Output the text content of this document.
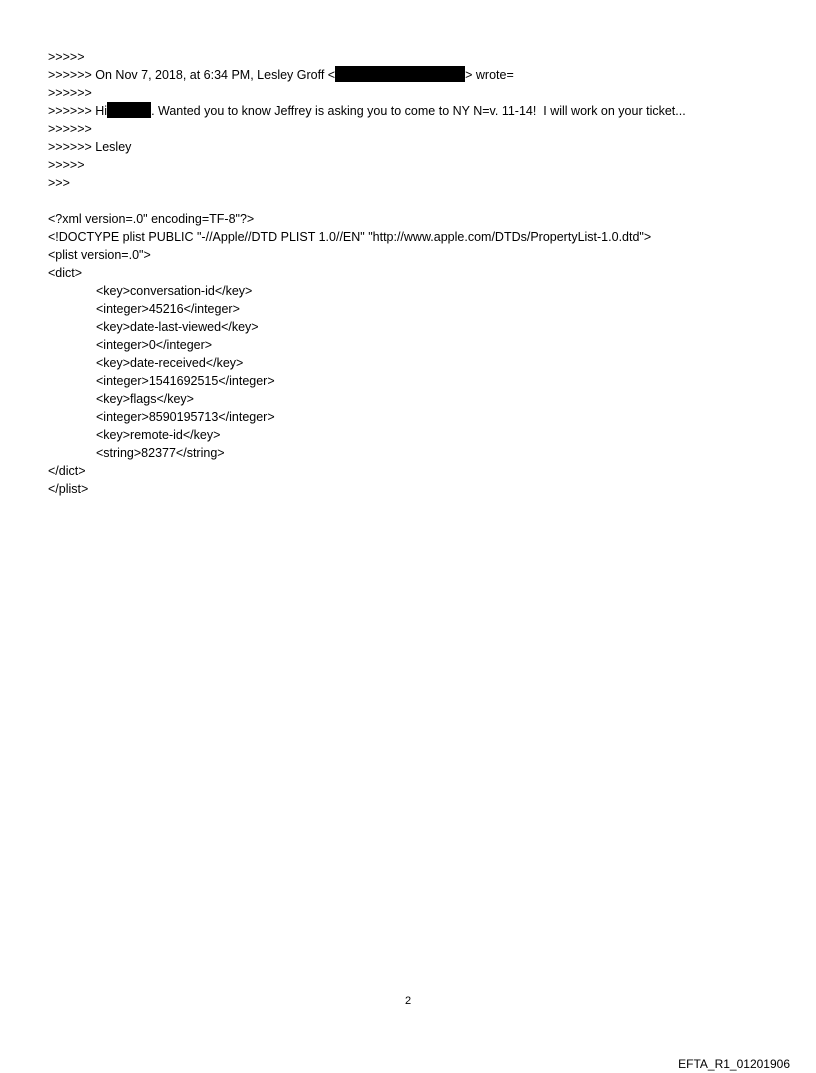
>>>>>
>>>>>> On Nov 7, 2018, at 6:34 PM, Lesley Groff <	> wrote=
>>>>>>
>>>>>> Hi	. Wanted you to know Jeffrey is asking you to come to NY N=v. 11-14!  I will work on your ticket...
>>>>>>
>>>>>> Lesley
>>>>>
>>>
<?xml version=.0" encoding=TF-8"?>
<!DOCTYPE plist PUBLIC "-//Apple//DTD PLIST 1.0//EN" "http://www.apple.com/DTDs/PropertyList-1.0.dtd">
<plist version=.0">
<dict>
<key>conversation-id</key>
<integer>45216</integer>
<key>date-last-viewed</key>
<integer>0</integer>
<key>date-received</key>
<integer>1541692515</integer>
<key>flags</key>
<integer>8590195713</integer>
<key>remote-id</key>
<string>82377</string>
</dict>
</plist>
2
EFTA_R1_01201906
